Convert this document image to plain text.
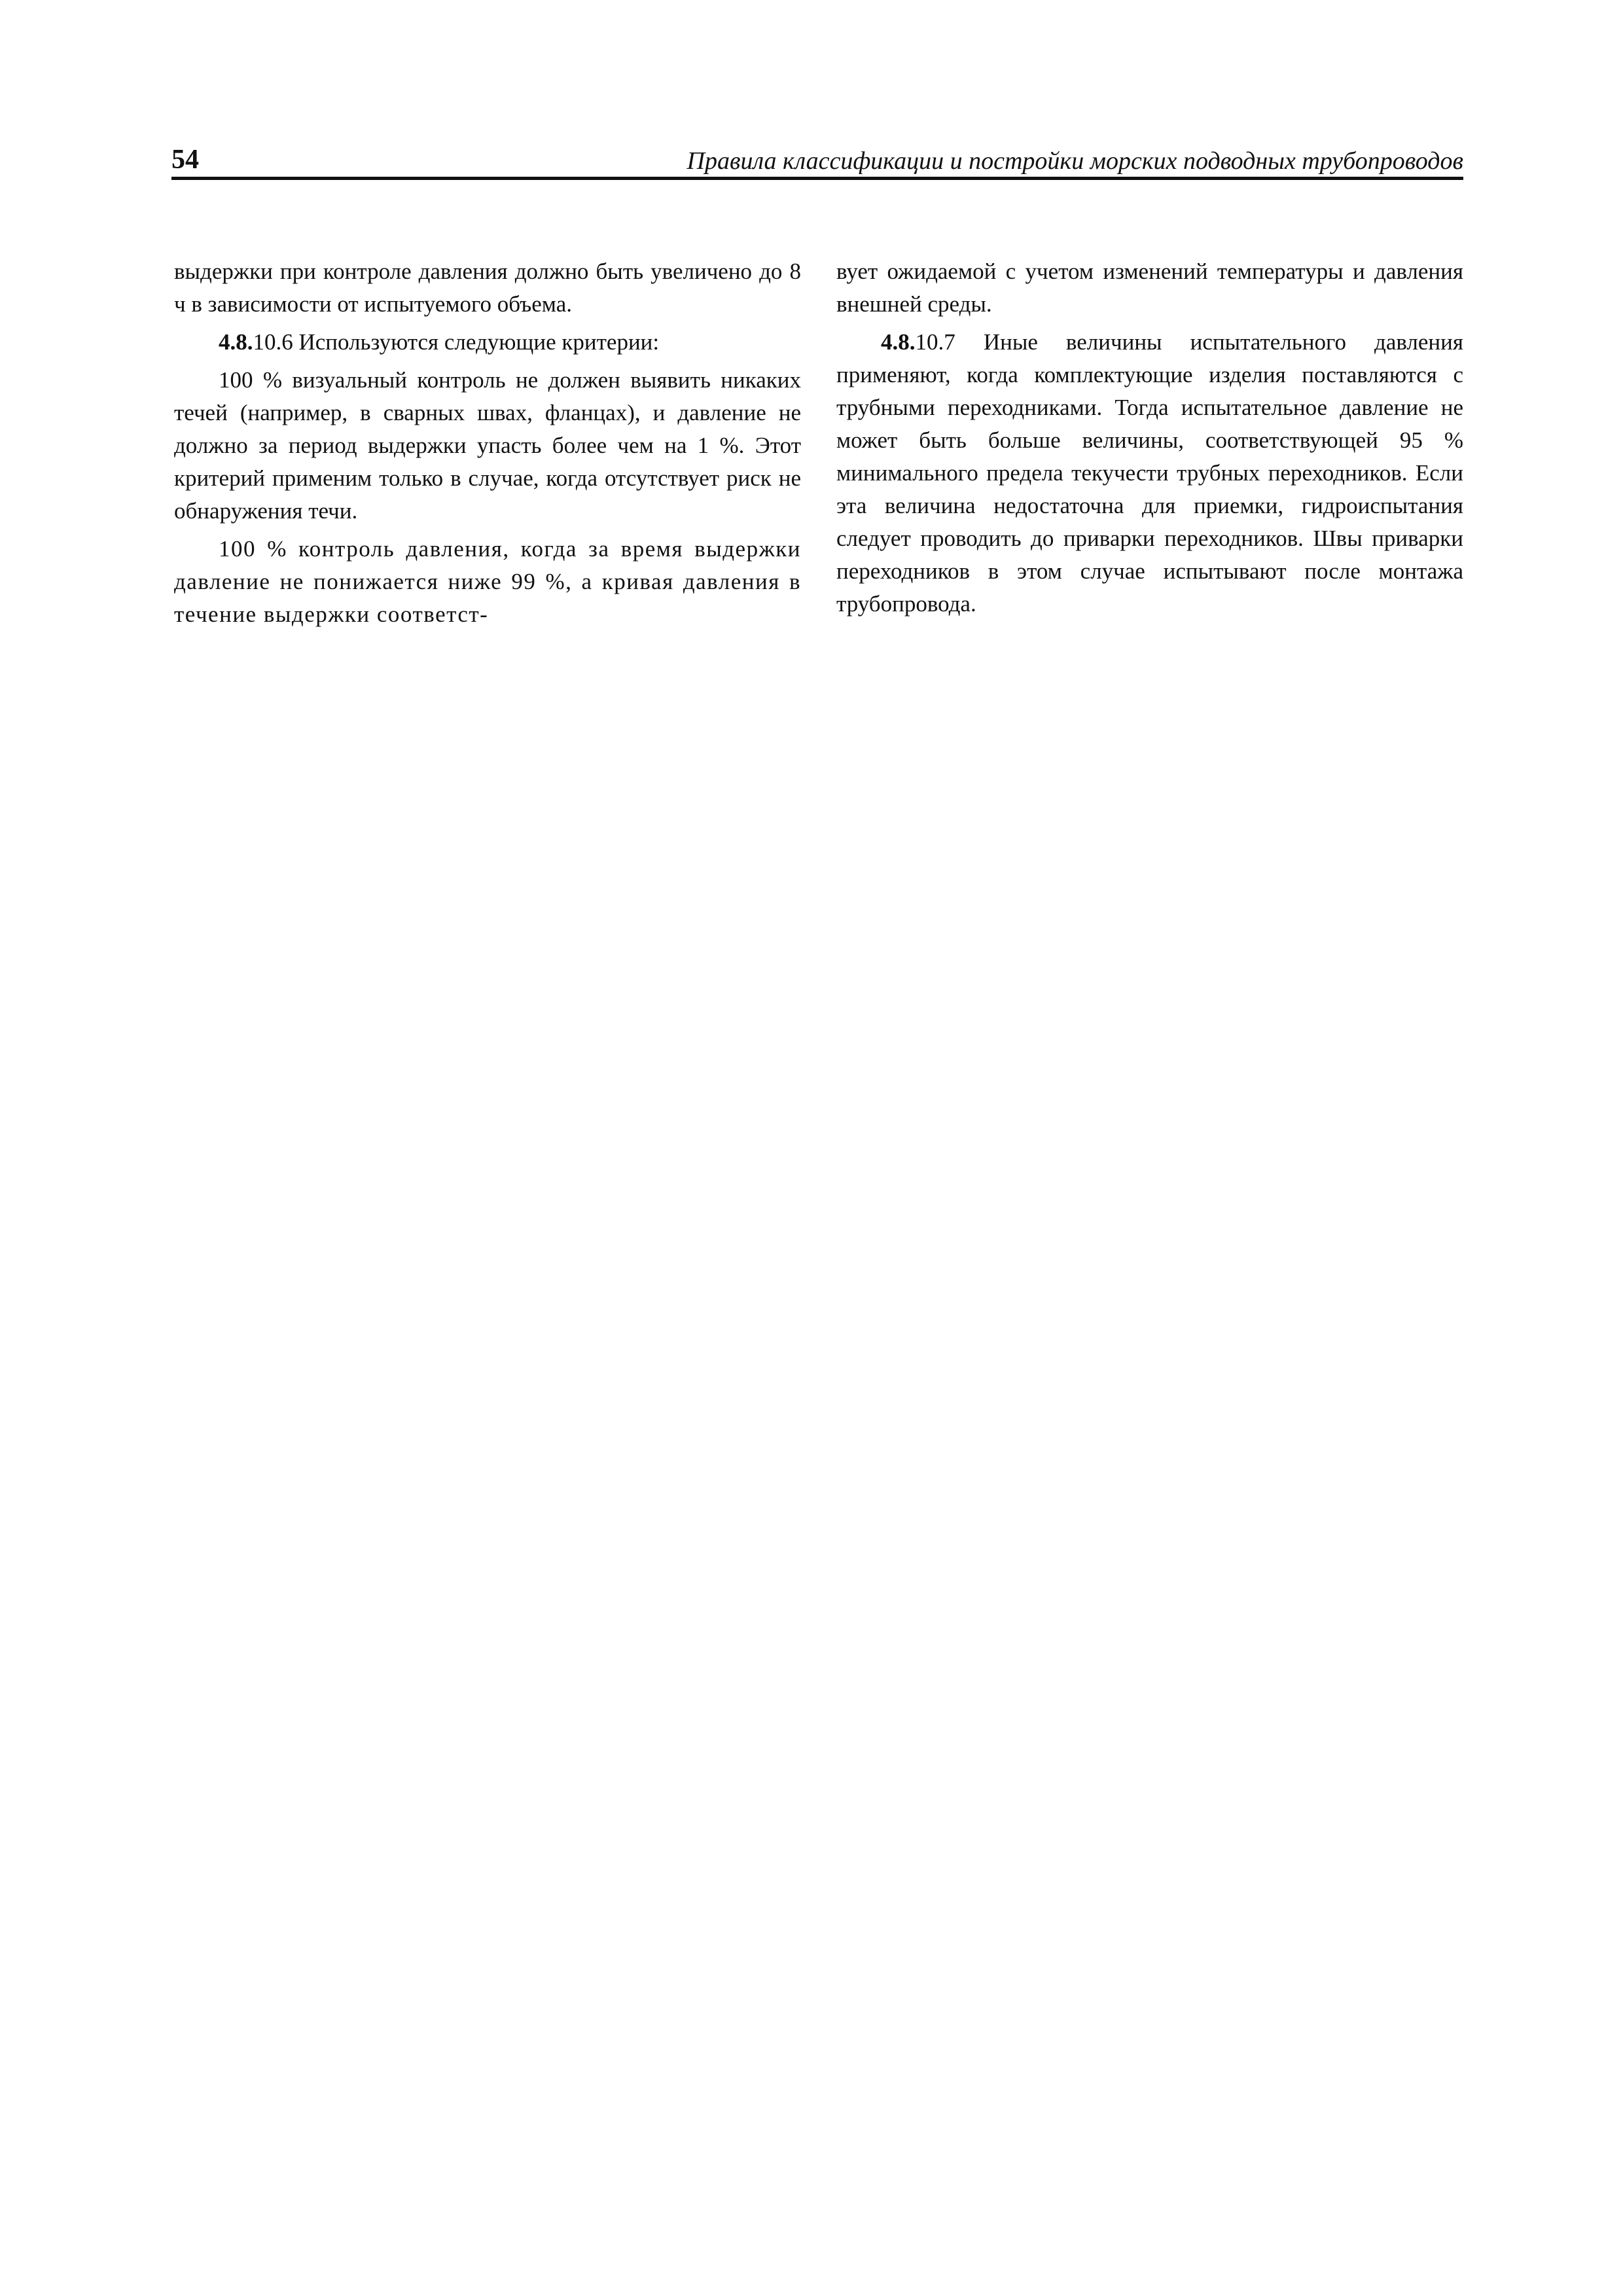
54	Правила классификации и постройки морских подводных трубопроводов

выдержки при контроле давления должно быть увеличено до 8 ч в зависимости от испытуемого объема.

4.8.10.6 Используются следующие критерии:

100 % визуальный контроль не должен выявить никаких течей (например, в сварных швах, фланцах), и давление не должно за период выдержки упасть более чем на 1 %. Этот критерий применим только в случае, когда отсутствует риск не обнаружения течи.

100 % контроль давления, когда за время выдержки давление не понижается ниже 99 %, а кривая давления в течение выдержки соответст-

вует ожидаемой с учетом изменений температуры и давления внешней среды.

4.8.10.7 Иные величины испытательного давления применяют, когда комплектующие изделия поставляются с трубными переходниками. Тогда испытательное давление не может быть больше величины, соответствующей 95 % минимального предела текучести трубных переходников. Если эта величина недостаточна для приемки, гидроиспытания следует проводить до приварки переходников. Швы приварки переходников в этом случае испытывают после монтажа трубопровода.
